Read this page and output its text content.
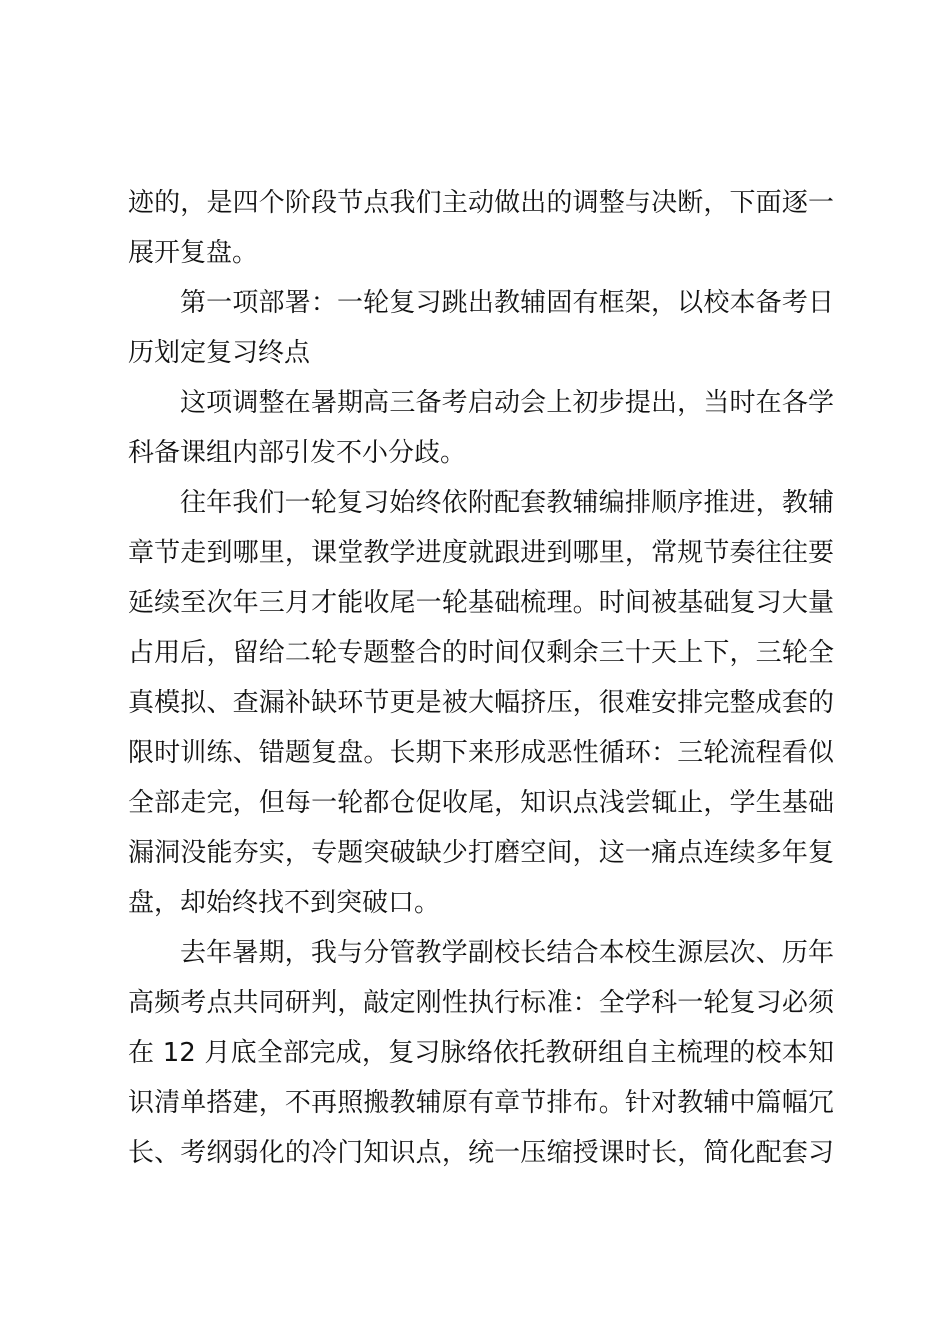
迹的，是四个阶段节点我们主动做出的调整与决断，下面逐一
展开复盘。
第一项部署：一轮复习跳出教辅固有框架，以校本备考日
历划定复习终点
这项调整在暑期高三备考启动会上初步提出，当时在各学
科备课组内部引发不小分歧。
往年我们一轮复习始终依附配套教辅编排顺序推进，教辅
章节走到哪里，课堂教学进度就跟进到哪里，常规节奏往往要
延续至次年三月才能收尾一轮基础梳理。时间被基础复习大量
占用后，留给二轮专题整合的时间仅剩余三十天上下，三轮全
真模拟、查漏补缺环节更是被大幅挤压，很难安排完整成套的
限时训练、错题复盘。长期下来形成恶性循环：三轮流程看似
全部走完，但每一轮都仓促收尾，知识点浅尝辄止，学生基础
漏洞没能夯实，专题突破缺少打磨空间，这一痛点连续多年复
盘，却始终找不到突破口。
去年暑期，我与分管教学副校长结合本校生源层次、历年
高频考点共同研判，敲定刚性执行标准：全学科一轮复习必须
在 12 月底全部完成，复习脉络依托教研组自主梳理的校本知
识清单搭建，不再照搬教辅原有章节排布。针对教辅中篇幅冗
长、考纲弱化的冷门知识点，统一压缩授课时长，简化配套习
